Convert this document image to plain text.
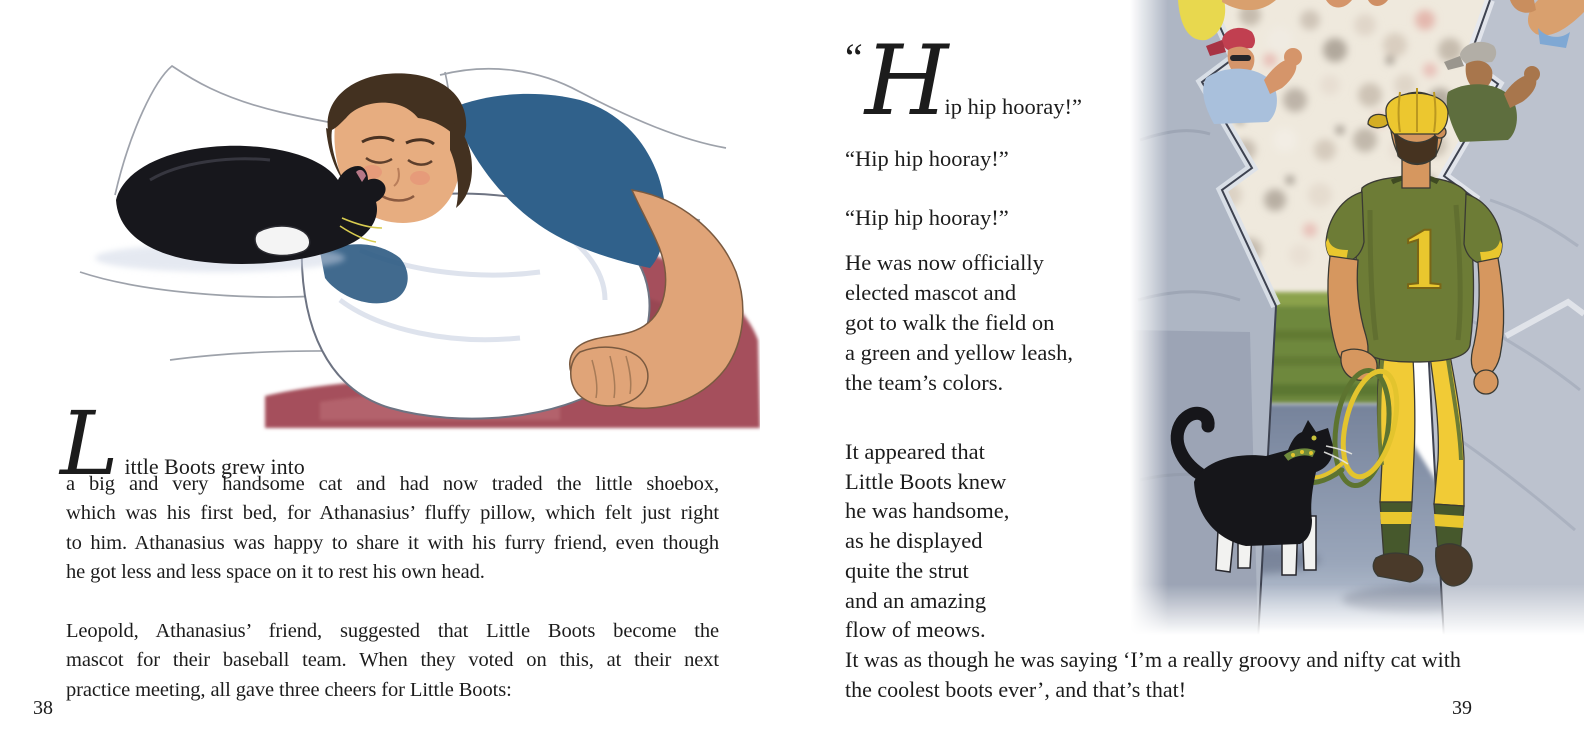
L ittle Boots grew into
a big and very handsome cat and had now traded the little shoebox,
which was his first bed, for Athanasius’ fluffy pillow, which felt just right
to him. Athanasius was happy to share it with his furry friend, even though
he got less and less space on it to rest his own head.
Leopold, Athanasius’ friend, suggested that Little Boots become the
mascot for their baseball team. When they voted on this, at their next
practice meeting, all gave three cheers for Little Boots:
38
1
“ H
ip hip hooray!”
“Hip hip hooray!”
“Hip hip hooray!”
He was now officially
elected mascot and
got to walk the field on
a green and yellow leash,
the team’s colors.
It appeared that
Little Boots knew
he was handsome,
as he displayed
quite the strut
and an amazing
flow of meows.
It was as though he was saying ‘I’m a really groovy and nifty cat with
the coolest boots ever’, and that’s that!
39
